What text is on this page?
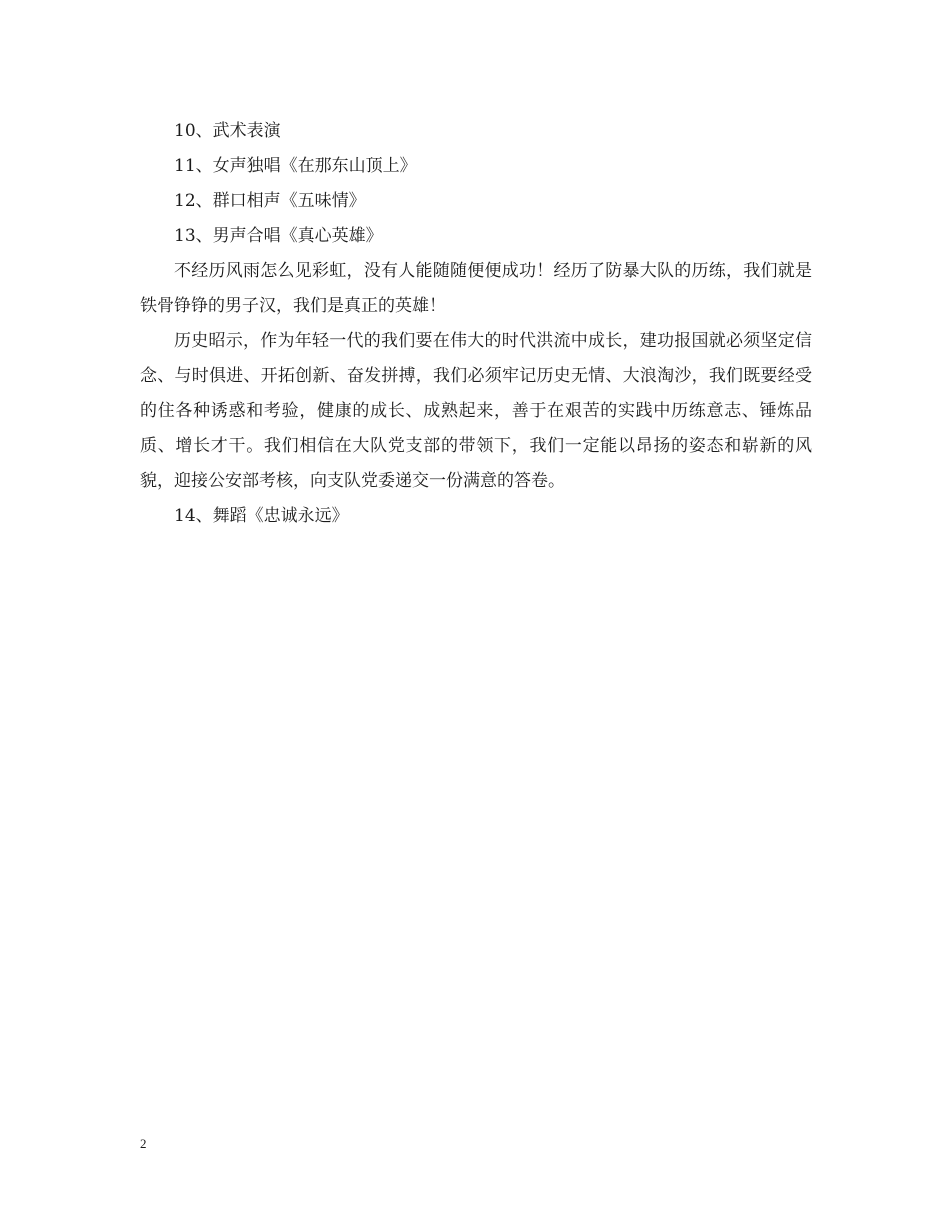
10、武术表演
11、女声独唱《在那东山顶上》
12、群口相声《五味情》
13、男声合唱《真心英雄》

不经历风雨怎么见彩虹，没有人能随随便便成功！经历了防暴大队的历练，我们就是铁骨铮铮的男子汉，我们是真正的英雄！

历史昭示，作为年轻一代的我们要在伟大的时代洪流中成长，建功报国就必须坚定信念、与时俱进、开拓创新、奋发拼搏，我们必须牢记历史无情、大浪淘沙，我们既要经受的住各种诱惑和考验，健康的成长、成熟起来，善于在艰苦的实践中历练意志、锤炼品质、增长才干。我们相信在大队党支部的带领下，我们一定能以昂扬的姿态和崭新的风貌，迎接公安部考核，向支队党委递交一份满意的答卷。

14、舞蹈《忠诚永远》
2
